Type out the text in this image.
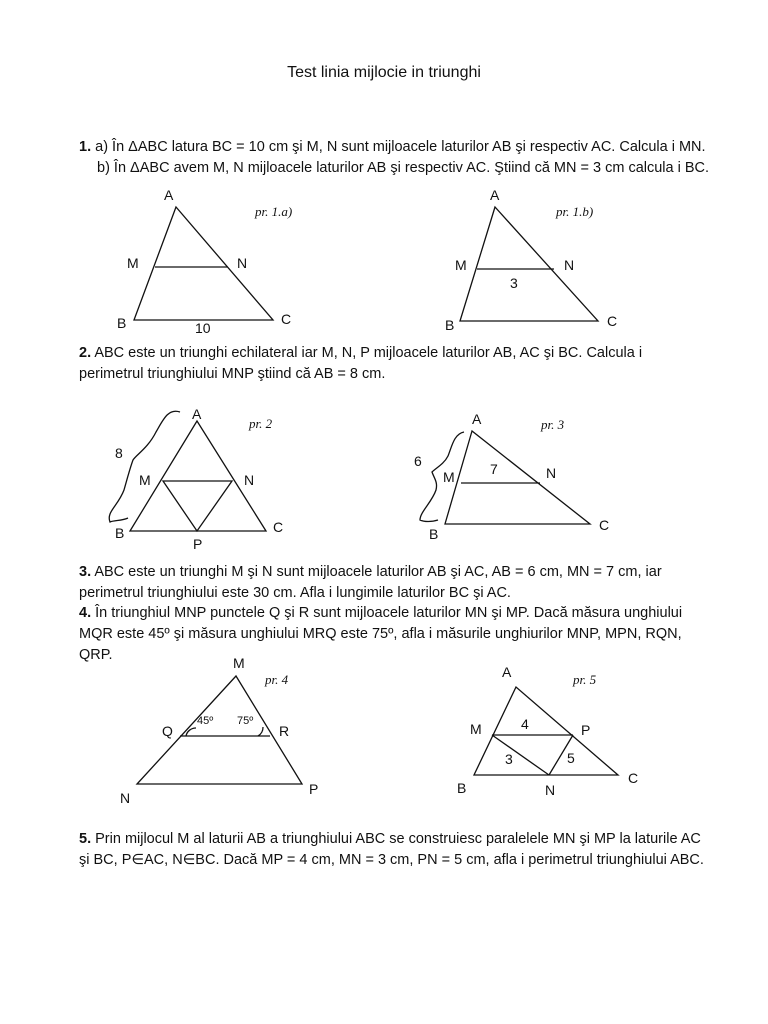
Test linia mijlocie in triunghi
1. a) În ΔABC latura BC = 10 cm şi M, N sunt mijloacele laturilor AB şi respectiv AC. Calcula i MN.
b) În ΔABC avem M, N mijloacele laturilor AB şi respectiv AC. Ştiind că MN = 3 cm calcula i BC.
2. ABC este un triunghi echilateral iar M, N, P mijloacele laturilor AB, AC şi BC. Calcula i
perimetrul triunghiului MNP ştiind că AB = 8 cm.
3. ABC este un triunghi M şi N sunt mijloacele laturilor AB şi AC, AB = 6 cm, MN = 7 cm, iar
perimetrul triunghiului este 30 cm. Afla i lungimile laturilor BC şi AC.
4. În triunghiul MNP punctele Q şi R sunt mijloacele laturilor MN şi MP. Dacă măsura unghiului
MQR este 45º şi măsura unghiului MRQ este 75º, afla i măsurile unghiurilor MNP, MPN, RQN,
QRP.
5. Prin mijlocul M al laturii AB a triunghiului ABC se construiesc paralelele MN şi MP la laturile AC
şi BC, P∈AC, N∈BC. Dacă MP = 4 cm, MN = 3 cm, PN = 5 cm, afla i perimetrul triunghiului ABC.
A
B	C
M	N
10
pr. 1.a)
A
B	C
M	N
3
pr. 1.b)
A
B	C
M	N
P
8
pr. 2	A
B
C
M	N
7
6
pr. 3
M
N
P
Q	R
45º 75º
pr. 4	A
B
C
M
N
P
4
3	5
pr. 5
